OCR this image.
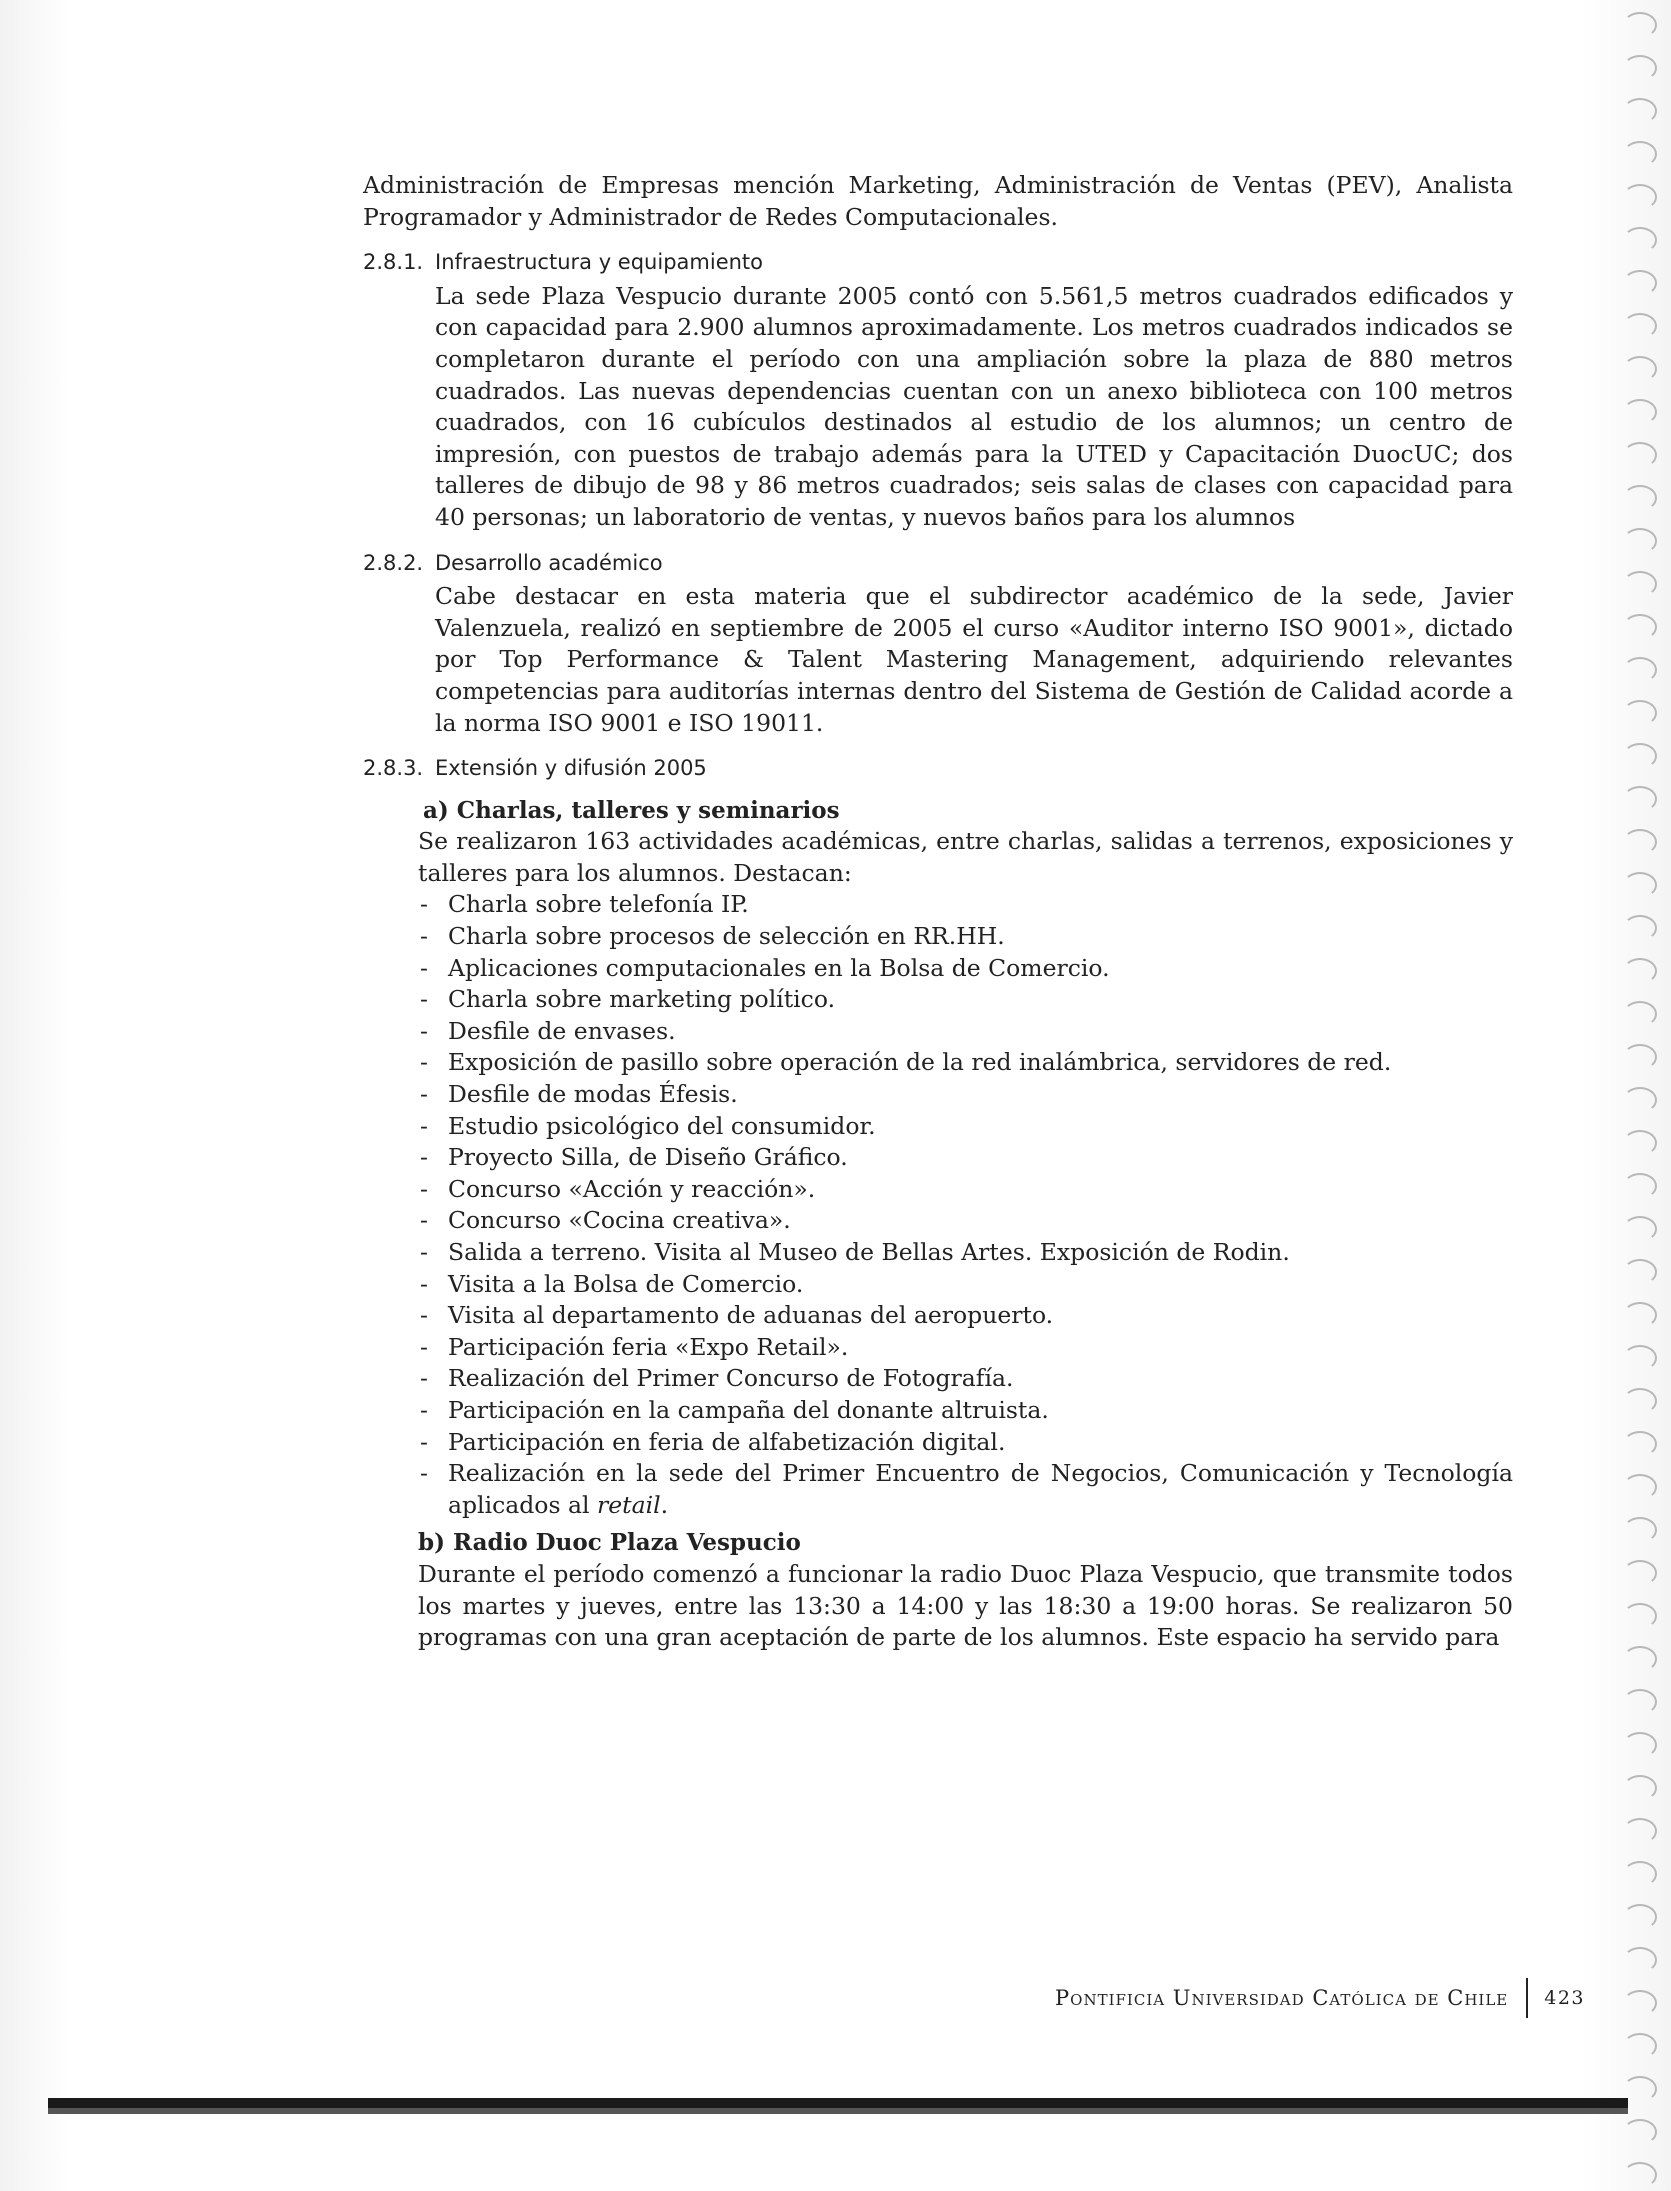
Administración de Empresas mención Marketing, Administración de Ventas (PEV), Analista Programador y Administrador de Redes Computacionales.

2.8.1. Infraestructura y equipamiento

La sede Plaza Vespucio durante 2005 contó con 5.561,5 metros cuadrados edificados y con capacidad para 2.900 alumnos aproximadamente. Los metros cuadrados indicados se completaron durante el período con una ampliación sobre la plaza de 880 metros cuadrados. Las nuevas dependencias cuentan con un anexo biblioteca con 100 metros cuadrados, con 16 cubículos destinados al estudio de los alumnos; un centro de impresión, con puestos de trabajo además para la UTED y Capacitación DuocUC; dos talleres de dibujo de 98 y 86 metros cuadrados; seis salas de clases con capacidad para 40 personas; un laboratorio de ventas, y nuevos baños para los alumnos

2.8.2. Desarrollo académico

Cabe destacar en esta materia que el subdirector académico de la sede, Javier Valenzuela, realizó en septiembre de 2005 el curso «Auditor interno ISO 9001», dictado por Top Performance & Talent Mastering Management, adquiriendo relevantes competencias para auditorías internas dentro del Sistema de Gestión de Calidad acorde a la norma ISO 9001 e ISO 19011.

2.8.3. Extensión y difusión 2005
a) Charlas, talleres y seminarios

Se realizaron 163 actividades académicas, entre charlas, salidas a terrenos, exposiciones y talleres para los alumnos. Destacan:

- Charla sobre telefonía IP.
- Charla sobre procesos de selección en RR.HH.
- Aplicaciones computacionales en la Bolsa de Comercio.
- Charla sobre marketing político.
- Desfile de envases.
- Exposición de pasillo sobre operación de la red inalámbrica, servidores de red.
- Desfile de modas Éfesis.
- Estudio psicológico del consumidor.
- Proyecto Silla, de Diseño Gráfico.
- Concurso «Acción y reacción».
- Concurso «Cocina creativa».
- Salida a terreno. Visita al Museo de Bellas Artes. Exposición de Rodin.
- Visita a la Bolsa de Comercio.
- Visita al departamento de aduanas del aeropuerto.
- Participación feria «Expo Retail».
- Realización del Primer Concurso de Fotografía.
- Participación en la campaña del donante altruista.
- Participación en feria de alfabetización digital.
- Realización en la sede del Primer Encuentro de Negocios, Comunicación y Tecnología aplicados al retail.
b) Radio Duoc Plaza Vespucio

Durante el período comenzó a funcionar la radio Duoc Plaza Vespucio, que transmite todos los martes y jueves, entre las 13:30 a 14:00 y las 18:30 a 19:00 horas. Se realizaron 50 programas con una gran aceptación de parte de los alumnos. Este espacio ha servido para

Pontificia Universidad Católica de Chile 423
